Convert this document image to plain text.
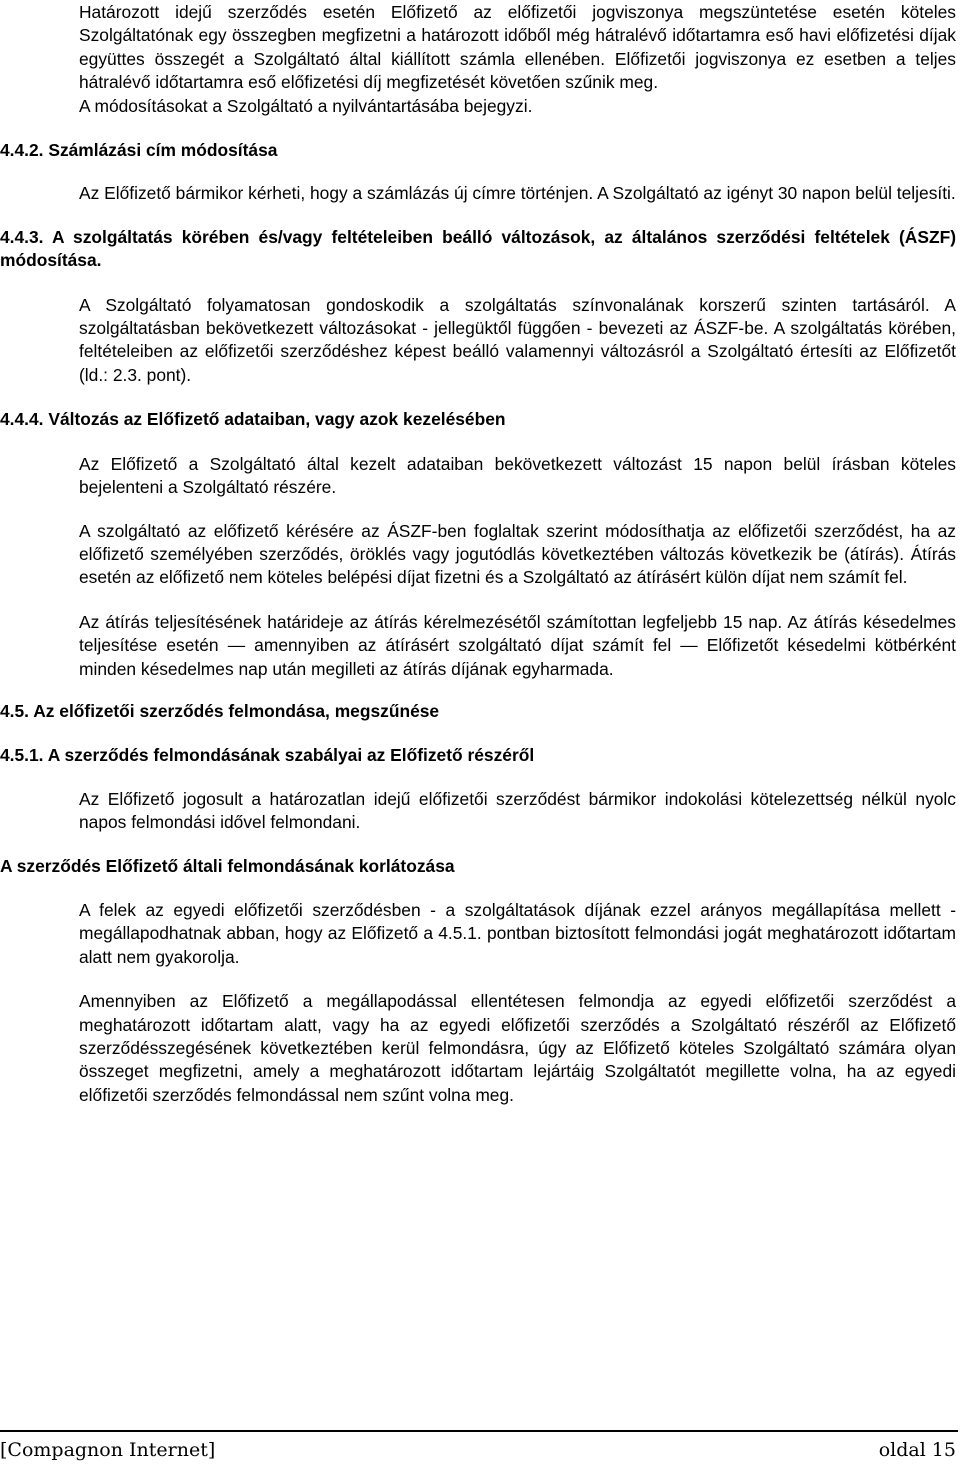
Határozott idejű szerződés esetén Előfizető az előfizetői jogviszonya megszüntetése esetén köteles Szolgáltatónak egy összegben megfizetni a határozott időből még hátralévő időtartamra eső havi előfizetési díjak együttes összegét a Szolgáltató által kiállított számla ellenében. Előfizetői jogviszonya ez esetben a teljes hátralévő időtartamra eső előfizetési díj megfizetését követően szűnik meg.

A módosításokat a Szolgáltató a nyilvántartásába bejegyzi.

4.4.2. Számlázási cím módosítása

Az Előfizető bármikor kérheti, hogy a számlázás új címre történjen. A Szolgáltató az igényt 30 napon belül teljesíti.

4.4.3. A szolgáltatás körében és/vagy feltételeiben beálló változások, az általános szerződési feltételek (ÁSZF) módosítása.

A Szolgáltató folyamatosan gondoskodik a szolgáltatás színvonalának korszerű szinten tartásáról. A szolgáltatásban bekövetkezett változásokat - jellegüktől függően - bevezeti az ÁSZF-be. A szolgáltatás körében, feltételeiben az előfizetői szerződéshez képest beálló valamennyi változásról a Szolgáltató értesíti az Előfizetőt (ld.: 2.3. pont).

4.4.4. Változás az Előfizető adataiban, vagy azok kezelésében

Az Előfizető a Szolgáltató által kezelt adataiban bekövetkezett változást 15 napon belül írásban köteles bejelenteni a Szolgáltató részére.

A szolgáltató az előfizető kérésére az ÁSZF-ben foglaltak szerint módosíthatja az előfizetői szerződést, ha az előfizető személyében szerződés, öröklés vagy jogutódlás következtében változás következik be (átírás). Átírás esetén az előfizető nem köteles belépési díjat fizetni és a Szolgáltató az átírásért külön díjat nem számít fel.

Az átírás teljesítésének határideje az átírás kérelmezésétől számítottan legfeljebb 15 nap. Az átírás késedelmes teljesítése esetén — amennyiben az átírásért szolgáltató díjat számít fel — Előfizetőt késedelmi kötbérként minden késedelmes nap után megilleti az átírás díjának egyharmada.

4.5. Az előfizetői szerződés felmondása, megszűnése

4.5.1. A szerződés felmondásának szabályai az Előfizető részéről

Az Előfizető jogosult a határozatlan idejű előfizetői szerződést bármikor indokolási kötelezettség nélkül nyolc napos felmondási idővel felmondani.

A szerződés Előfizető általi felmondásának korlátozása

A felek az egyedi előfizetői szerződésben - a szolgáltatások díjának ezzel arányos megállapítása mellett - megállapodhatnak abban, hogy az Előfizető a 4.5.1. pontban biztosított felmondási jogát meghatározott időtartam alatt nem gyakorolja.

Amennyiben az Előfizető a megállapodással ellentétesen felmondja az egyedi előfizetői szerződést a meghatározott időtartam alatt, vagy ha az egyedi előfizetői szerződés a Szolgáltató részéről az Előfizető szerződésszegésének következtében kerül felmondásra, úgy az Előfizető köteles Szolgáltató számára olyan összeget megfizetni, amely a meghatározott időtartam lejártáig Szolgáltatót megillette volna, ha az egyedi előfizetői szerződés felmondással nem szűnt volna meg.

[Compagnon Internet]	oldal 15
